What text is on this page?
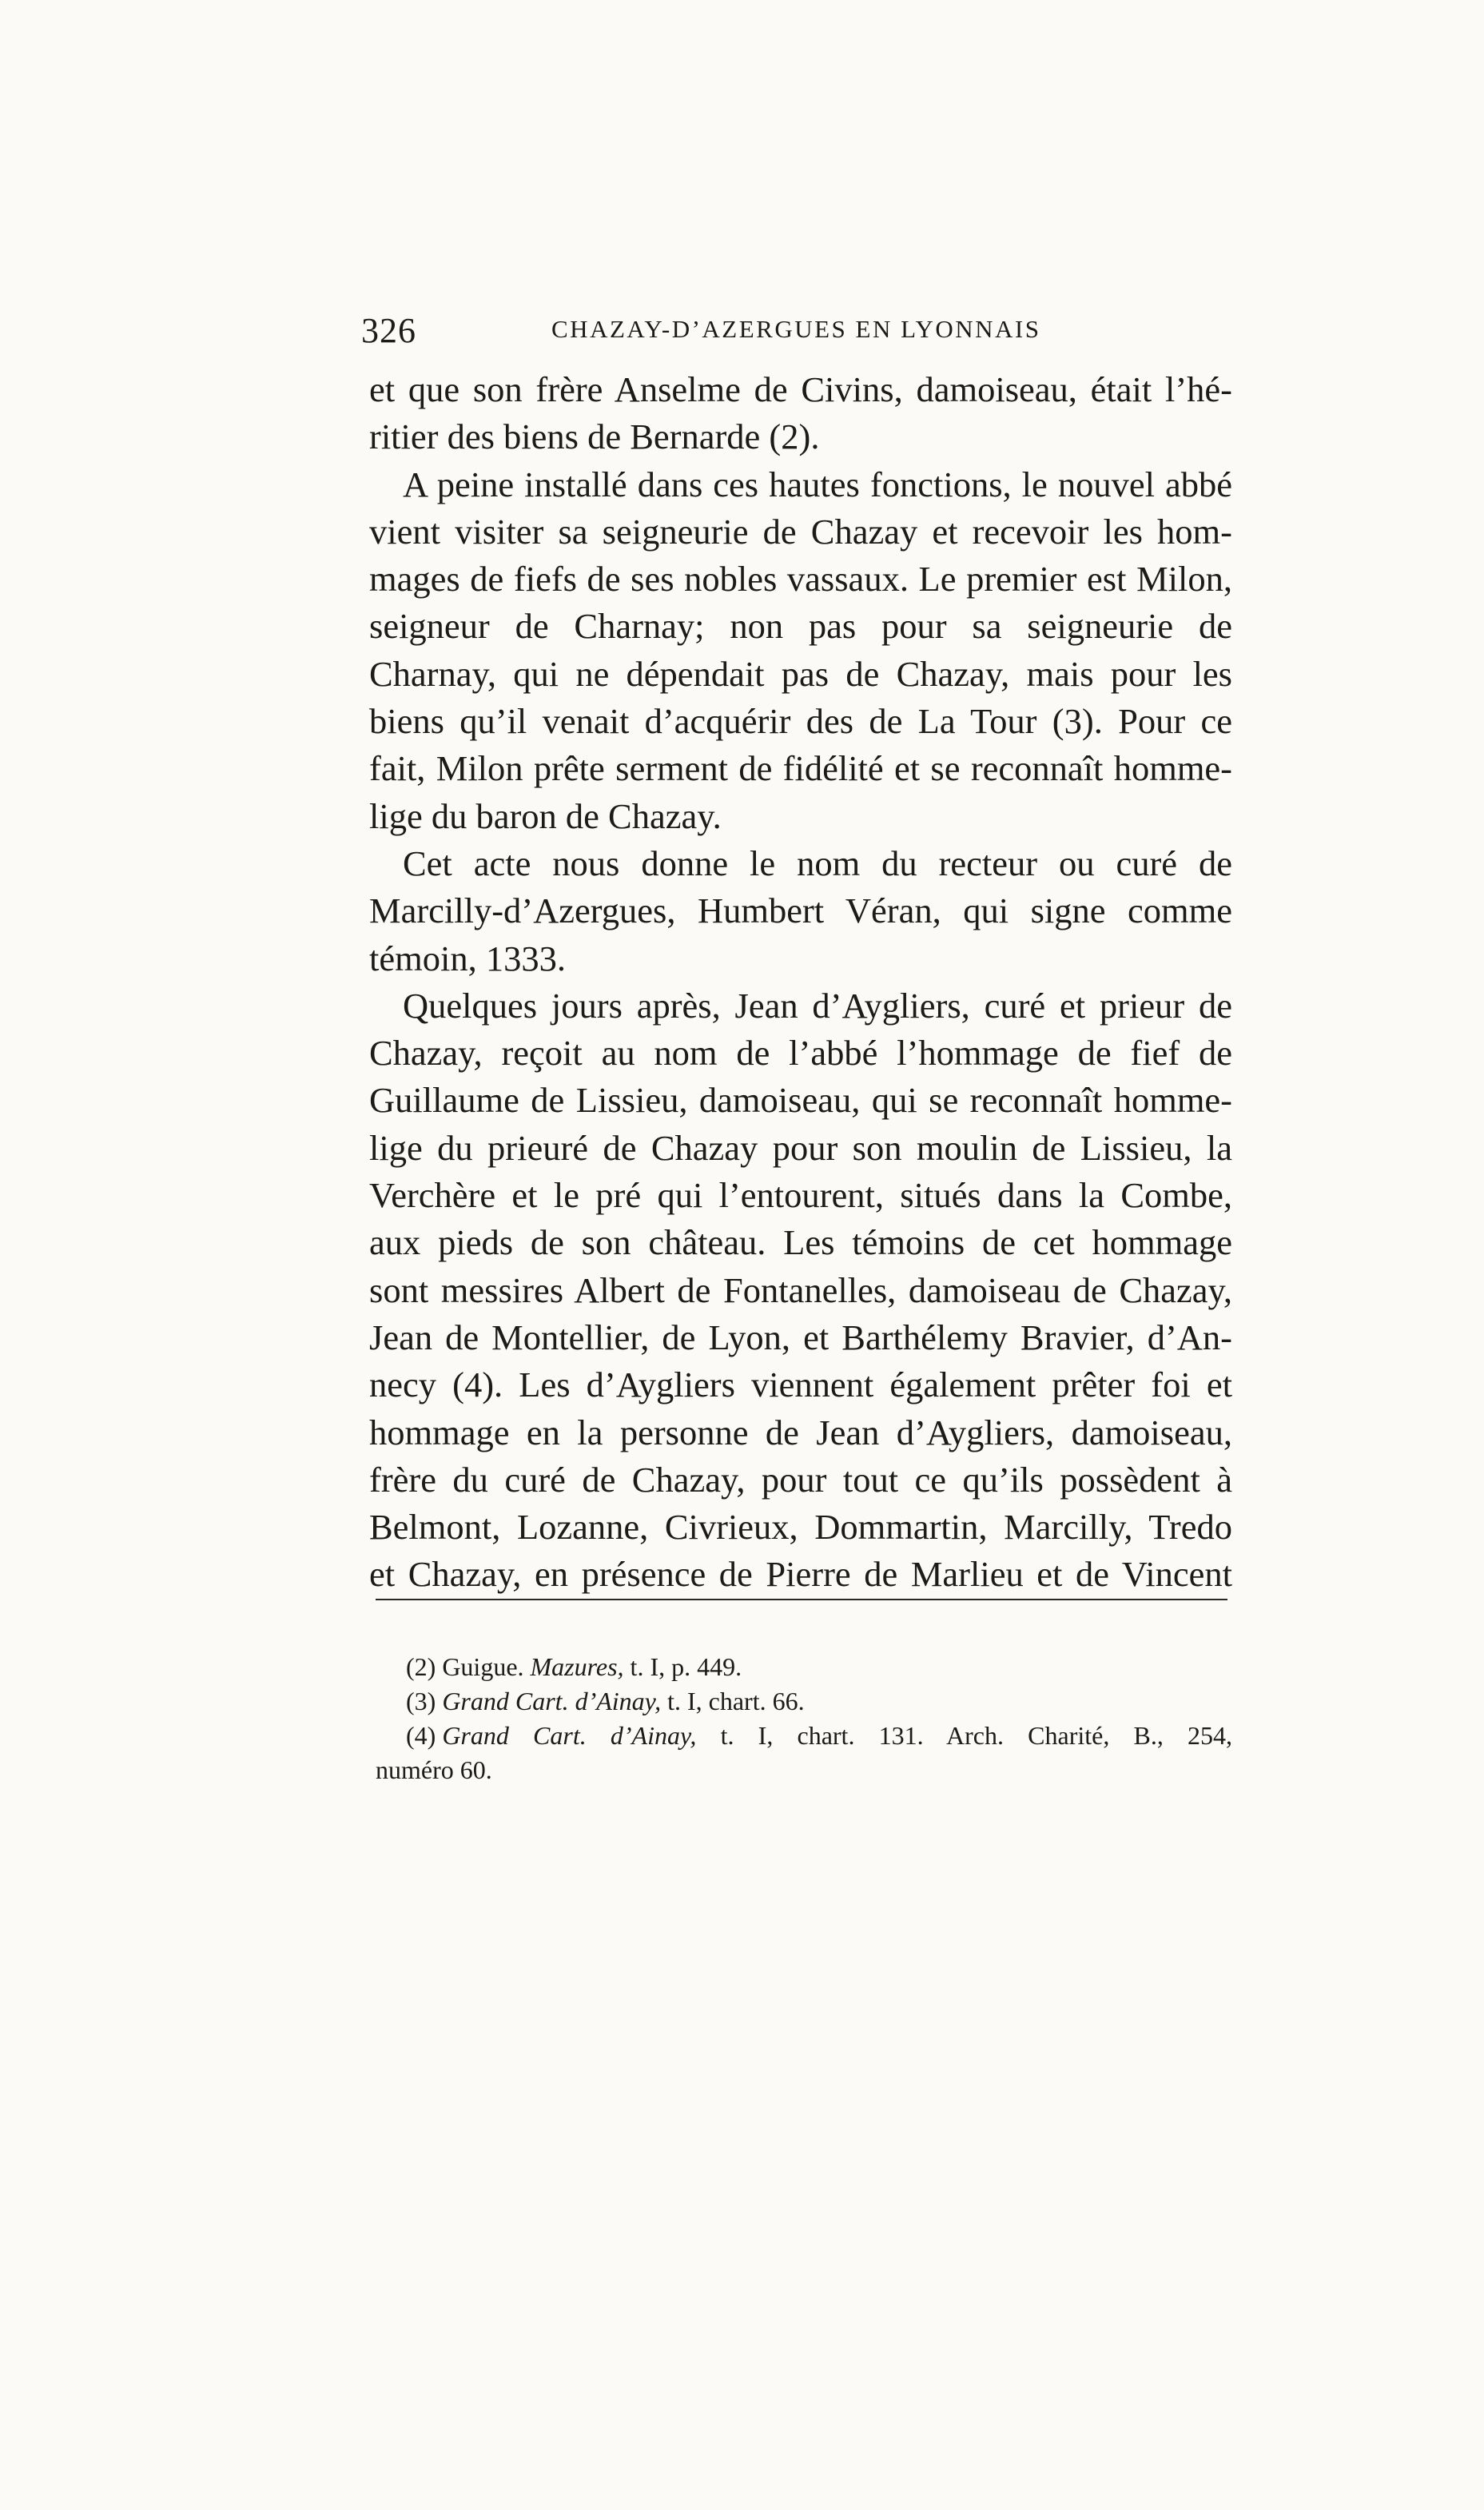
326	CHAZAY-D’AZERGUES EN LYONNAIS
et que son frère Anselme de Civins, damoiseau, était l’hé-
ritier des biens de Bernarde (2).
A peine installé dans ces hautes fonctions, le nouvel abbé
vient visiter sa seigneurie de Chazay et recevoir les hom-
mages de fiefs de ses nobles vassaux. Le premier est Milon,
seigneur de Charnay; non pas pour sa seigneurie de
Charnay, qui ne dépendait pas de Chazay, mais pour les
biens qu’il venait d’acquérir des de La Tour (3). Pour ce
fait, Milon prête serment de fidélité et se reconnaît homme-
lige du baron de Chazay.
Cet acte nous donne le nom du recteur ou curé de
Marcilly-d’Azergues, Humbert Véran, qui signe comme
témoin, 1333.
Quelques jours après, Jean d’Aygliers, curé et prieur de
Chazay, reçoit au nom de l’abbé l’hommage de fief de
Guillaume de Lissieu, damoiseau, qui se reconnaît homme-
lige du prieuré de Chazay pour son moulin de Lissieu, la
Verchère et le pré qui l’entourent, situés dans la Combe,
aux pieds de son château. Les témoins de cet hommage
sont messires Albert de Fontanelles, damoiseau de Chazay,
Jean de Montellier, de Lyon, et Barthélemy Bravier, d’An-
necy (4). Les d’Aygliers viennent également prêter foi et
hommage en la personne de Jean d’Aygliers, damoiseau,
frère du curé de Chazay, pour tout ce qu’ils possèdent à
Belmont, Lozanne, Civrieux, Dommartin, Marcilly, Tredo
et Chazay, en présence de Pierre de Marlieu et de Vincent
(2) Guigue. Mazures, t. I, p. 449.
(3) Grand Cart. d’Ainay, t. I, chart. 66.
(4) Grand Cart. d’Ainay, t. I, chart. 131. Arch. Charité, B., 254,
numéro 60.
